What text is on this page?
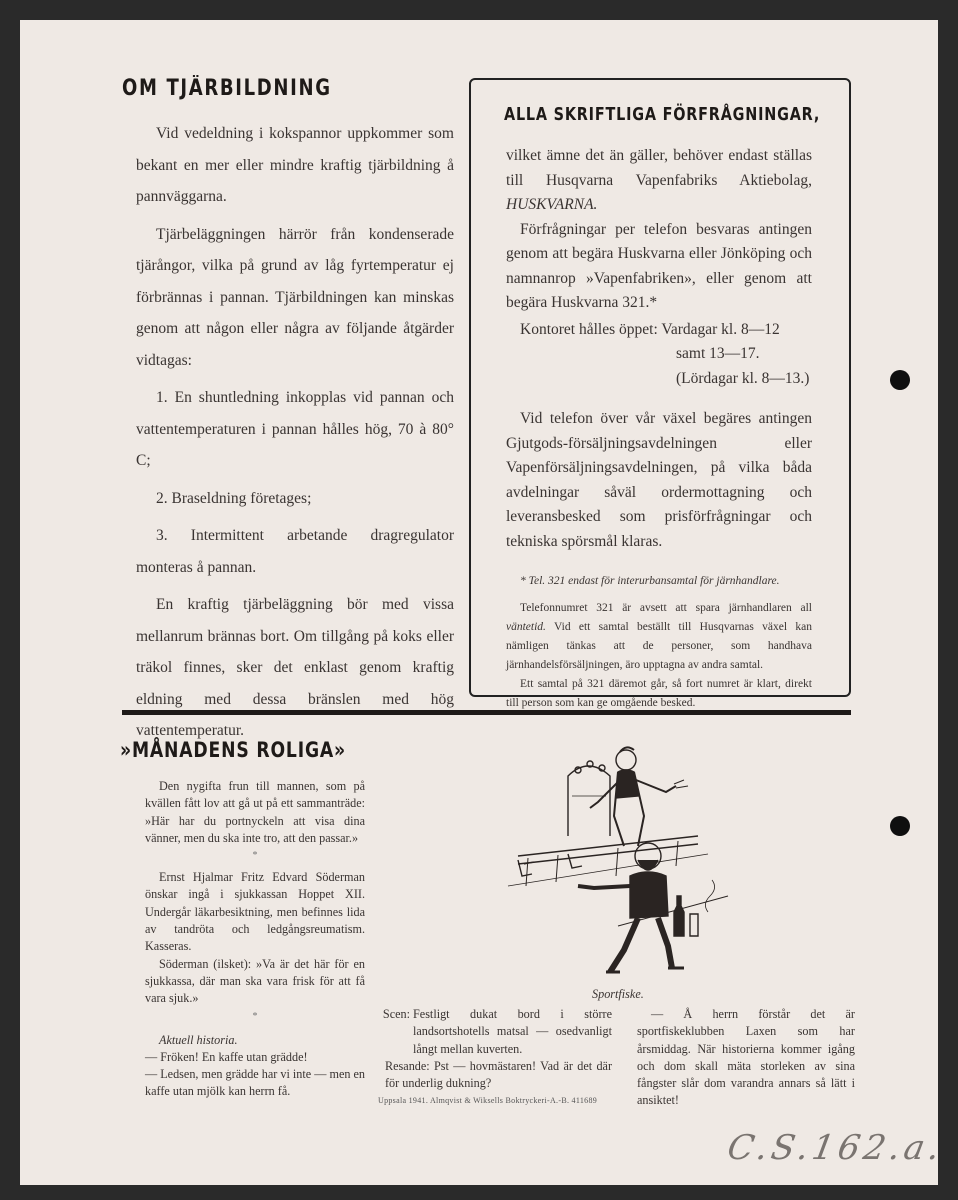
OM TJÄRBILDNING

Vid vedeldning i kokspannor uppkommer som bekant en mer eller mindre kraftig tjärbildning å pannväggarna.

Tjärbeläggningen härrör från kondenserade tjärångor, vilka på grund av låg fyrtemperatur ej förbrännas i pannan. Tjärbildningen kan minskas genom att någon eller några av följande åtgärder vidtagas:

1. En shuntledning inkopplas vid pannan och vattentemperaturen i pannan hålles hög, 70 à 80° C;

2. Braseldning företages;

3. Intermittent arbetande dragregulator monteras å pannan.

En kraftig tjärbeläggning bör med vissa mellanrum brännas bort. Om tillgång på koks eller träkol finnes, sker det enklast genom kraftig eldning med dessa bränslen med hög vattentemperatur.

ALLA SKRIFTLIGA FÖRFRÅGNINGAR,

vilket ämne det än gäller, behöver endast ställas till Husqvarna Vapenfabriks Aktiebolag, HUSKVARNA.

Förfrågningar per telefon besvaras antingen genom att begära Huskvarna eller Jönköping och namnanrop »Vapenfabriken», eller genom att begära Huskvarna 321.*

Kontoret hålles öppet: Vardagar kl. 8—12

samt 13—17.

(Lördagar kl. 8—13.)

Vid telefon över vår växel begäres antingen Gjutgods-försäljningsavdelningen eller Vapenförsäljningsavdelningen, på vilka båda avdelningar såväl ordermottagning och leveransbesked som prisförfrågningar och tekniska spörsmål klaras.

* Tel. 321 endast för interurbansamtal för järnhandlare.

Telefonnumret 321 är avsett att spara järnhandlaren all väntetid. Vid ett samtal beställt till Husqvarnas växel kan nämligen tänkas att de personer, som handhava järnhandelsförsäljningen, äro upptagna av andra samtal.

Ett samtal på 321 däremot går, så fort numret är klart, direkt till person som kan ge omgående besked.

»MÅNADENS ROLIGA»

Den nygifta frun till mannen, som på kvällen fått lov att gå ut på ett sammanträde: »Här har du portnyckeln att visa dina vänner, men du ska inte tro, att den passar.»

*

Ernst Hjalmar Fritz Edvard Söderman önskar ingå i sjukkassan Hoppet XII. Undergår läkarbesiktning, men befinnes lida av tandröta och ledgångsreumatism. Kasseras.

Söderman (ilsket): »Va är det här för en sjukkassa, där man ska vara frisk för att få vara sjuk.»

*

Aktuell historia.

— Fröken! En kaffe utan grädde!

— Ledsen, men grädde har vi inte — men en kaffe utan mjölk kan herrn få.

Sportfiske.
Scen: Festligt dukat bord i större landsortshotells matsal — osedvanligt långt mellan kuverten.
Resande: Pst — hovmästaren! Vad är det där för underlig dukning?
— Å herrn förstår det är sportfiskeklubben Laxen som har årsmiddag. När historierna kommer igång och dom skall mäta storleken av sina fångster slår dom varandra annars så lätt i ansiktet!
Uppsala 1941. Almqvist & Wiksells Boktryckeri-A.-B. 411689
C.S.162.a.
